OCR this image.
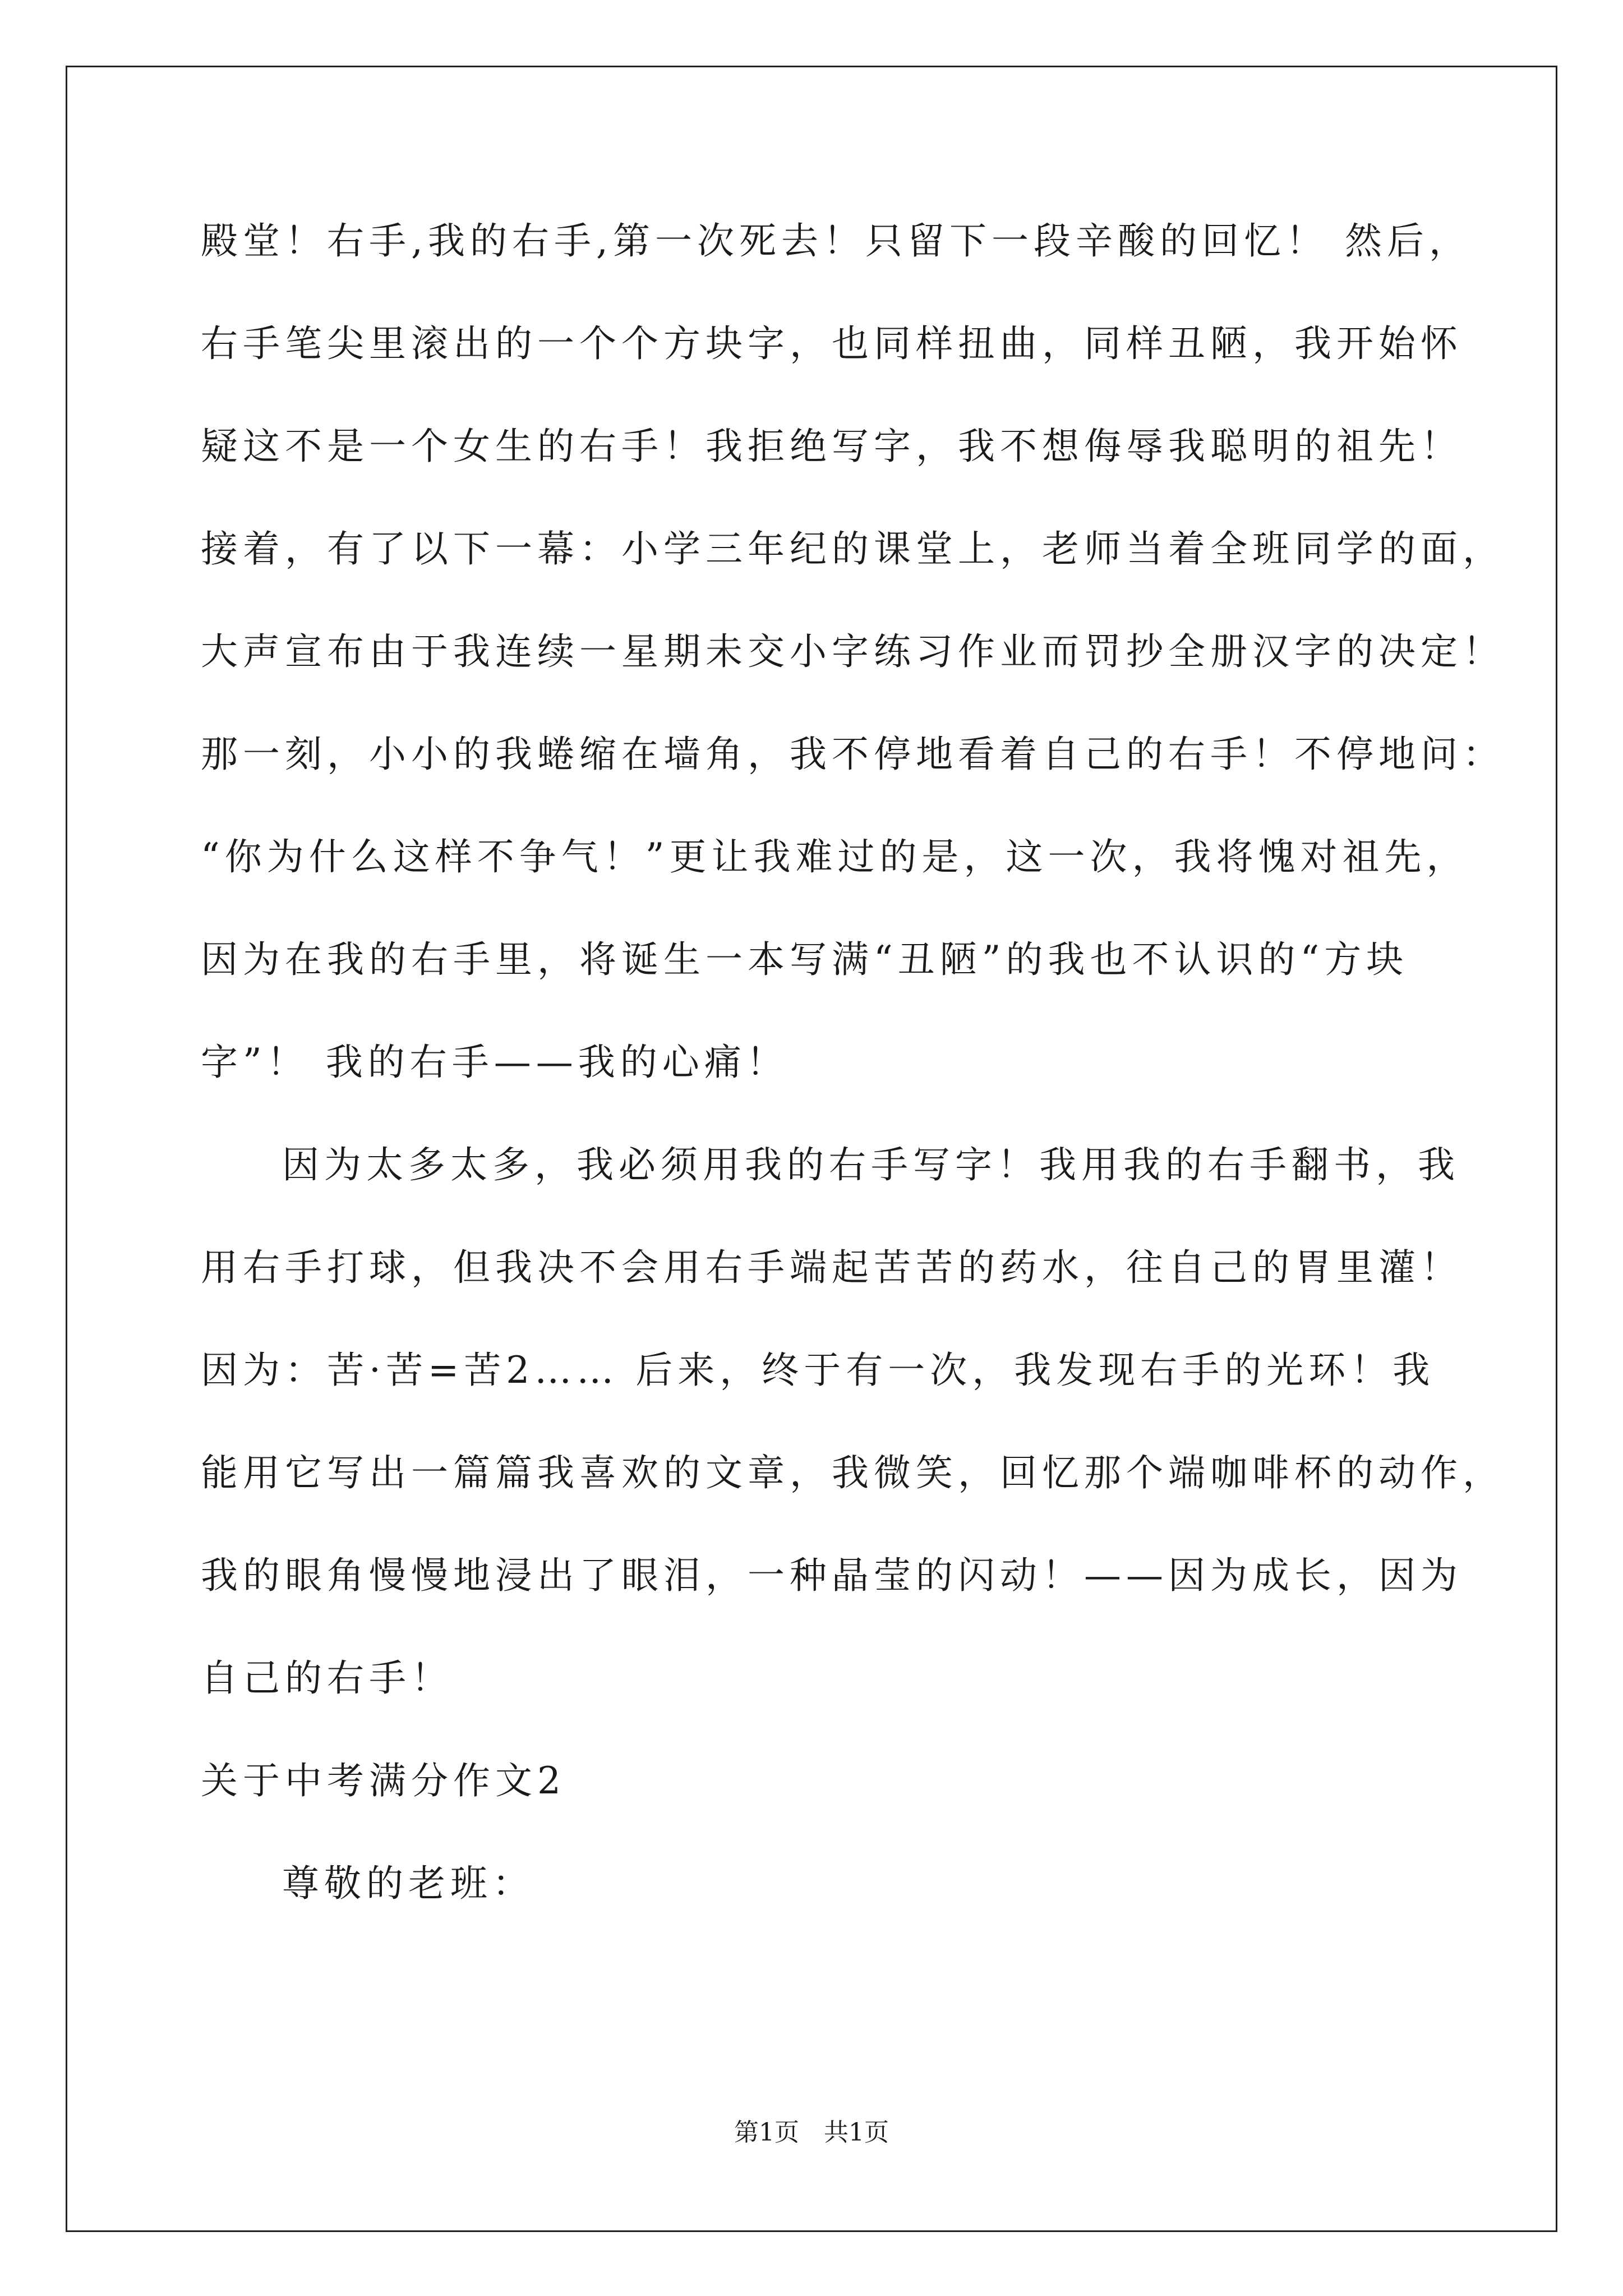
殿堂！右手,我的右手,第一次死去！只留下一段辛酸的回忆！ 然后，
右手笔尖里滚出的一个个方块字，也同样扭曲，同样丑陋，我开始怀
疑这不是一个女生的右手！我拒绝写字，我不想侮辱我聪明的祖先！
接着，有了以下一幕：小学三年纪的课堂上，老师当着全班同学的面，
大声宣布由于我连续一星期未交小字练习作业而罚抄全册汉字的决定！
那一刻，小小的我蜷缩在墙角，我不停地看着自己的右手！不停地问：
“你为什么这样不争气！”更让我难过的是，这一次，我将愧对祖先，
因为在我的右手里，将诞生一本写满“丑陋”的我也不认识的“方块
字”！ 我的右手——我的心痛！
因为太多太多，我必须用我的右手写字！我用我的右手翻书，我
用右手打球，但我决不会用右手端起苦苦的药水，往自己的胃里灌！
因为：苦·苦=苦2…… 后来，终于有一次，我发现右手的光环！我
能用它写出一篇篇我喜欢的文章，我微笑，回忆那个端咖啡杯的动作，
我的眼角慢慢地浸出了眼泪，一种晶莹的闪动！——因为成长，因为
自己的右手！
关于中考满分作文2
尊敬的老班：
第1页　共1页
